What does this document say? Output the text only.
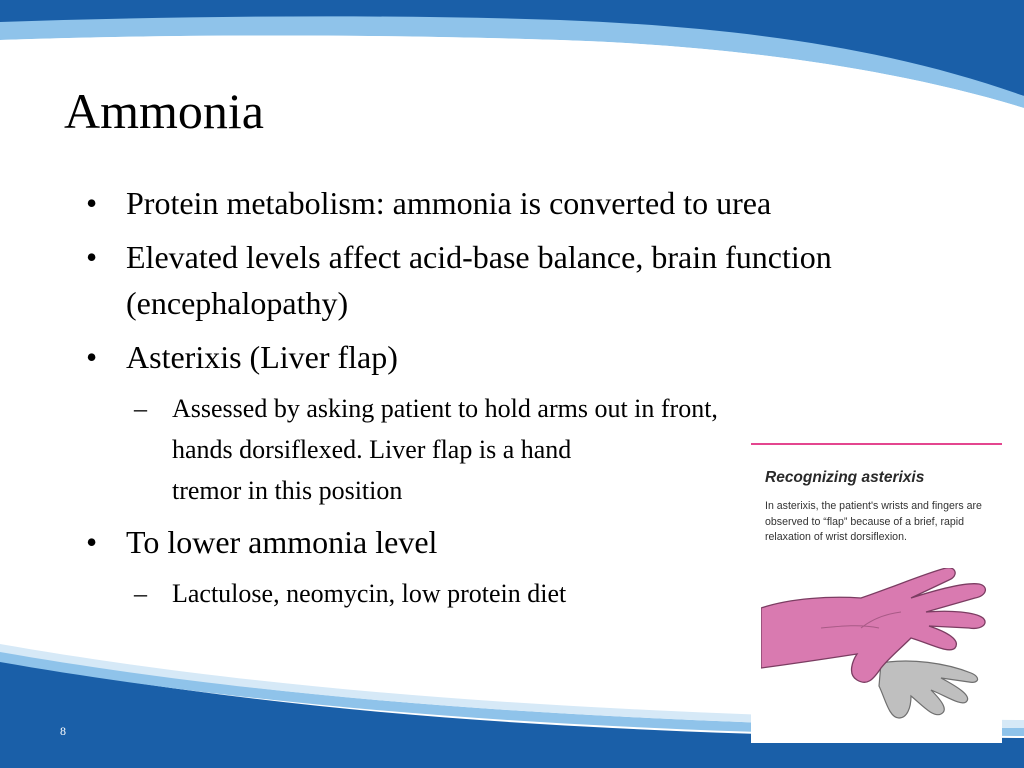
Ammonia
• Protein metabolism: ammonia is converted to urea
• Elevated levels affect acid-base balance, brain function (encephalopathy)
• Asterixis (Liver flap)
– Assessed by asking patient to hold arms out in front, hands dorsiflexed. Liver flap is a hand
tremor in this position
• To lower ammonia level
– Lactulose, neomycin, low protein diet
Recognizing asterixis
In asterixis, the patient's wrists and fingers are observed to “flap” because of a brief, rapid relaxation of wrist dorsiflexion.
8
